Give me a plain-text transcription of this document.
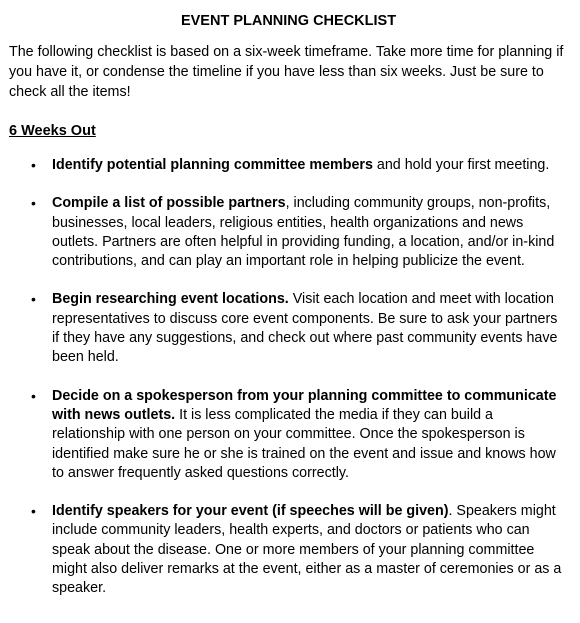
EVENT PLANNING CHECKLIST

The following checklist is based on a six-week timeframe. Take more time for planning if you have it, or condense the timeline if you have less than six weeks. Just be sure to check all the items!

6 Weeks Out
• Identify potential planning committee members and hold your first meeting.
• Compile a list of possible partners, including community groups, non-profits, businesses, local leaders, religious entities, health organizations and news outlets. Partners are often helpful in providing funding, a location, and/or in-kind contributions, and can play an important role in helping publicize the event.
• Begin researching event locations. Visit each location and meet with location representatives to discuss core event components. Be sure to ask your partners if they have any suggestions, and check out where past community events have been held.
• Decide on a spokesperson from your planning committee to communicate with news outlets. It is less complicated the media if they can build a relationship with one person on your committee. Once the spokesperson is identified make sure he or she is trained on the event and issue and knows how to answer frequently asked questions correctly.
• Identify speakers for your event (if speeches will be given). Speakers might include community leaders, health experts, and doctors or patients who can speak about the disease. One or more members of your planning committee might also deliver remarks at the event, either as a master of ceremonies or as a speaker.
